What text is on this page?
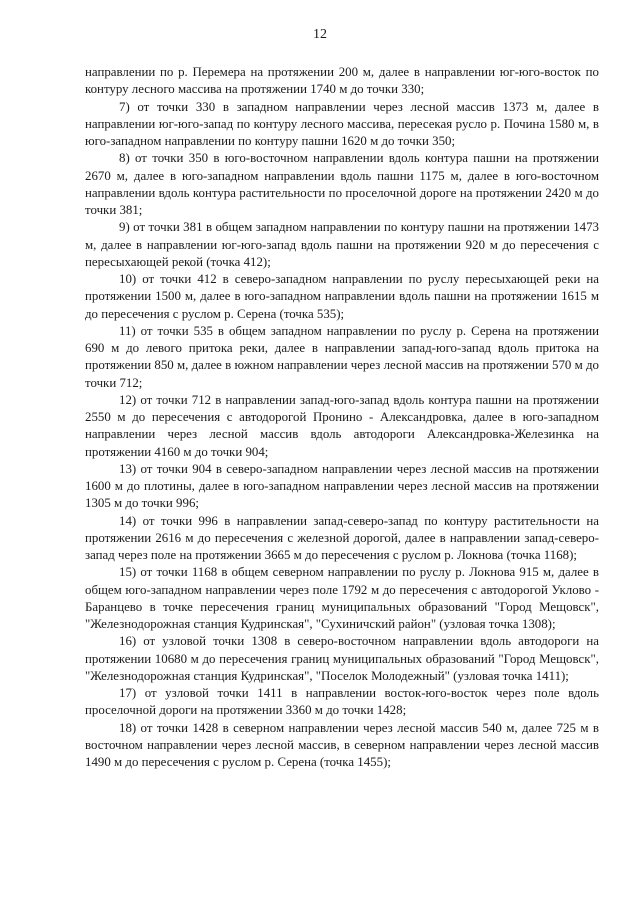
12

направлении по р. Перемера на протяжении 200 м, далее в направлении юг-юго-восток по контуру лесного массива на протяжении 1740 м до точки 330;

7) от точки 330 в западном направлении через лесной массив 1373 м, далее в направлении юг-юго-запад по контуру лесного массива, пересекая русло р. Почина 1580 м, в юго-западном направлении по контуру пашни 1620 м до точки 350;

8) от точки 350 в юго-восточном направлении вдоль контура пашни на протяжении 2670 м, далее в юго-западном направлении вдоль пашни 1175 м, далее в юго-восточном направлении вдоль контура растительности по проселочной дороге на протяжении 2420 м до точки 381;

9) от точки 381 в общем западном направлении по контуру пашни на протяжении 1473 м, далее в направлении юг-юго-запад вдоль пашни на протяжении 920 м до пересечения с пересыхающей рекой (точка 412);

10) от точки 412 в северо-западном направлении по руслу пересыхающей реки на протяжении 1500 м, далее в юго-западном направлении вдоль пашни на протяжении 1615 м до пересечения с руслом р. Серена (точка 535);

11) от точки 535 в общем западном направлении по руслу р. Серена на протяжении 690 м до левого притока реки, далее в направлении запад-юго-запад вдоль притока на протяжении 850 м, далее в южном направлении через лесной массив на протяжении 570 м до точки 712;

12) от точки 712 в направлении запад-юго-запад вдоль контура пашни на протяжении 2550 м до пересечения с автодорогой Пронино - Александровка, далее в юго-западном направлении через лесной массив вдоль автодороги Александровка-Железинка на протяжении 4160 м до точки 904;

13) от точки 904 в северо-западном направлении через лесной массив на протяжении 1600 м до плотины, далее в юго-западном направлении через лесной массив на протяжении 1305 м до точки 996;

14) от точки 996 в направлении запад-северо-запад по контуру растительности на протяжении 2616 м до пересечения с железной дорогой, далее в направлении запад-северо-запад через поле на протяжении 3665 м до пересечения с руслом р. Локнова (точка 1168);

15) от точки 1168 в общем северном направлении по руслу р. Локнова 915 м, далее в общем юго-западном направлении через поле 1792 м до пересечения с автодорогой Уклово - Баранцево в точке пересечения границ муниципальных образований "Город Мещовск", "Железнодорожная станция Кудринская", "Сухиничский район" (узловая точка 1308);

16) от узловой точки 1308 в северо-восточном направлении вдоль автодороги на протяжении 10680 м до пересечения границ муниципальных образований "Город Мещовск", "Железнодорожная станция Кудринская", "Поселок Молодежный" (узловая точка 1411);

17) от узловой точки 1411 в направлении восток-юго-восток через поле вдоль проселочной дороги на протяжении 3360 м до точки 1428;

18) от точки 1428 в северном направлении через лесной массив 540 м, далее 725 м в восточном направлении через лесной массив, в северном направлении через лесной массив 1490 м до пересечения с руслом р. Серена (точка 1455);
